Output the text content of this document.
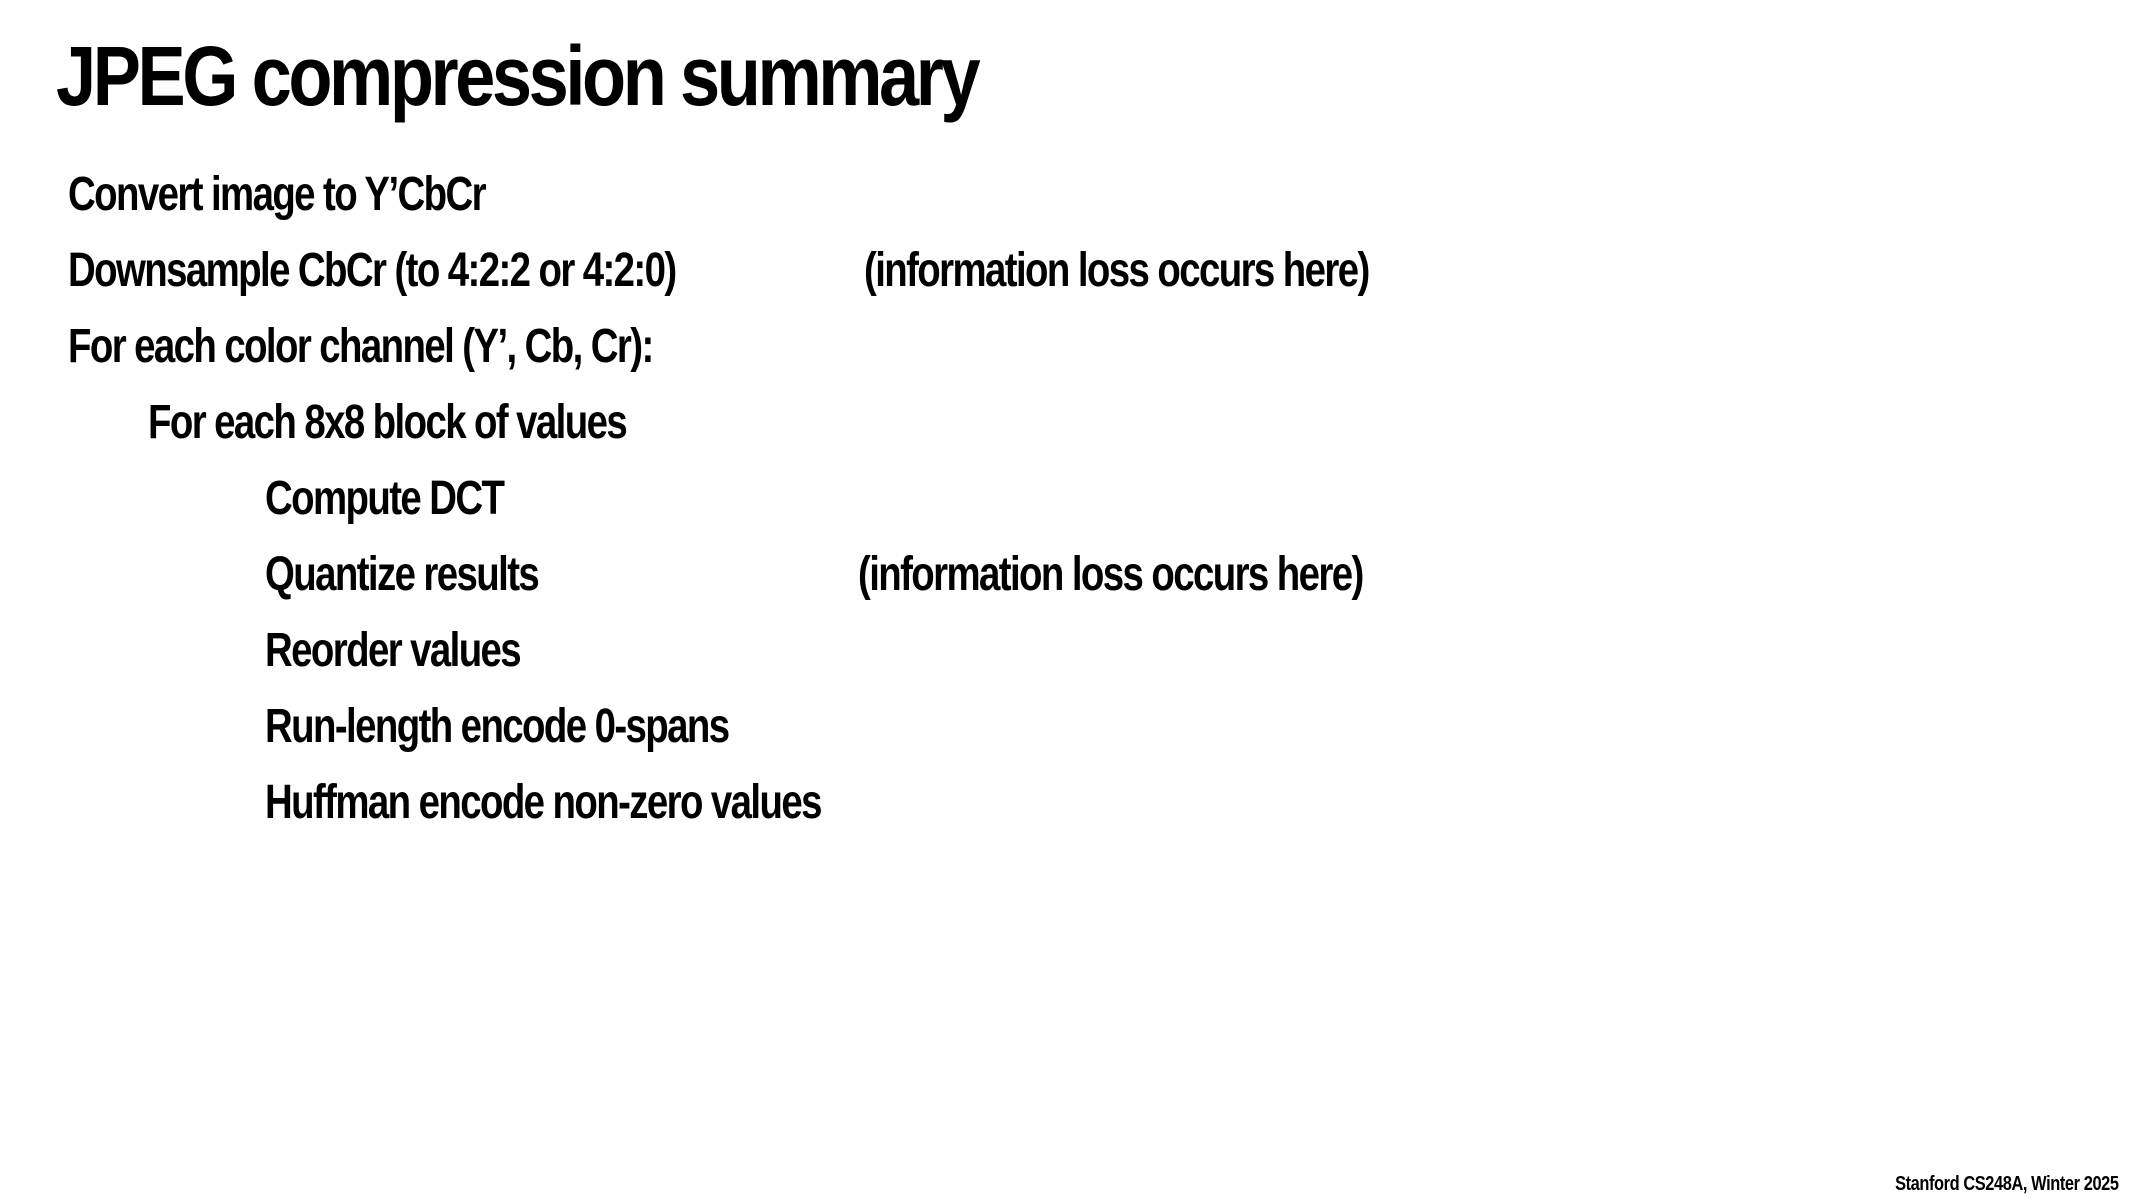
JPEG compression summary
Convert image to Y’CbCr
Downsample CbCr (to 4:2:2 or 4:2:0)	(information loss occurs here)
For each color channel (Y’, Cb, Cr):
For each 8x8 block of values
Compute DCT
Quantize results	(information loss occurs here)
Reorder values
Run-length encode 0-spans
Huffman encode non-zero values
Stanford CS248A, Winter 2025
